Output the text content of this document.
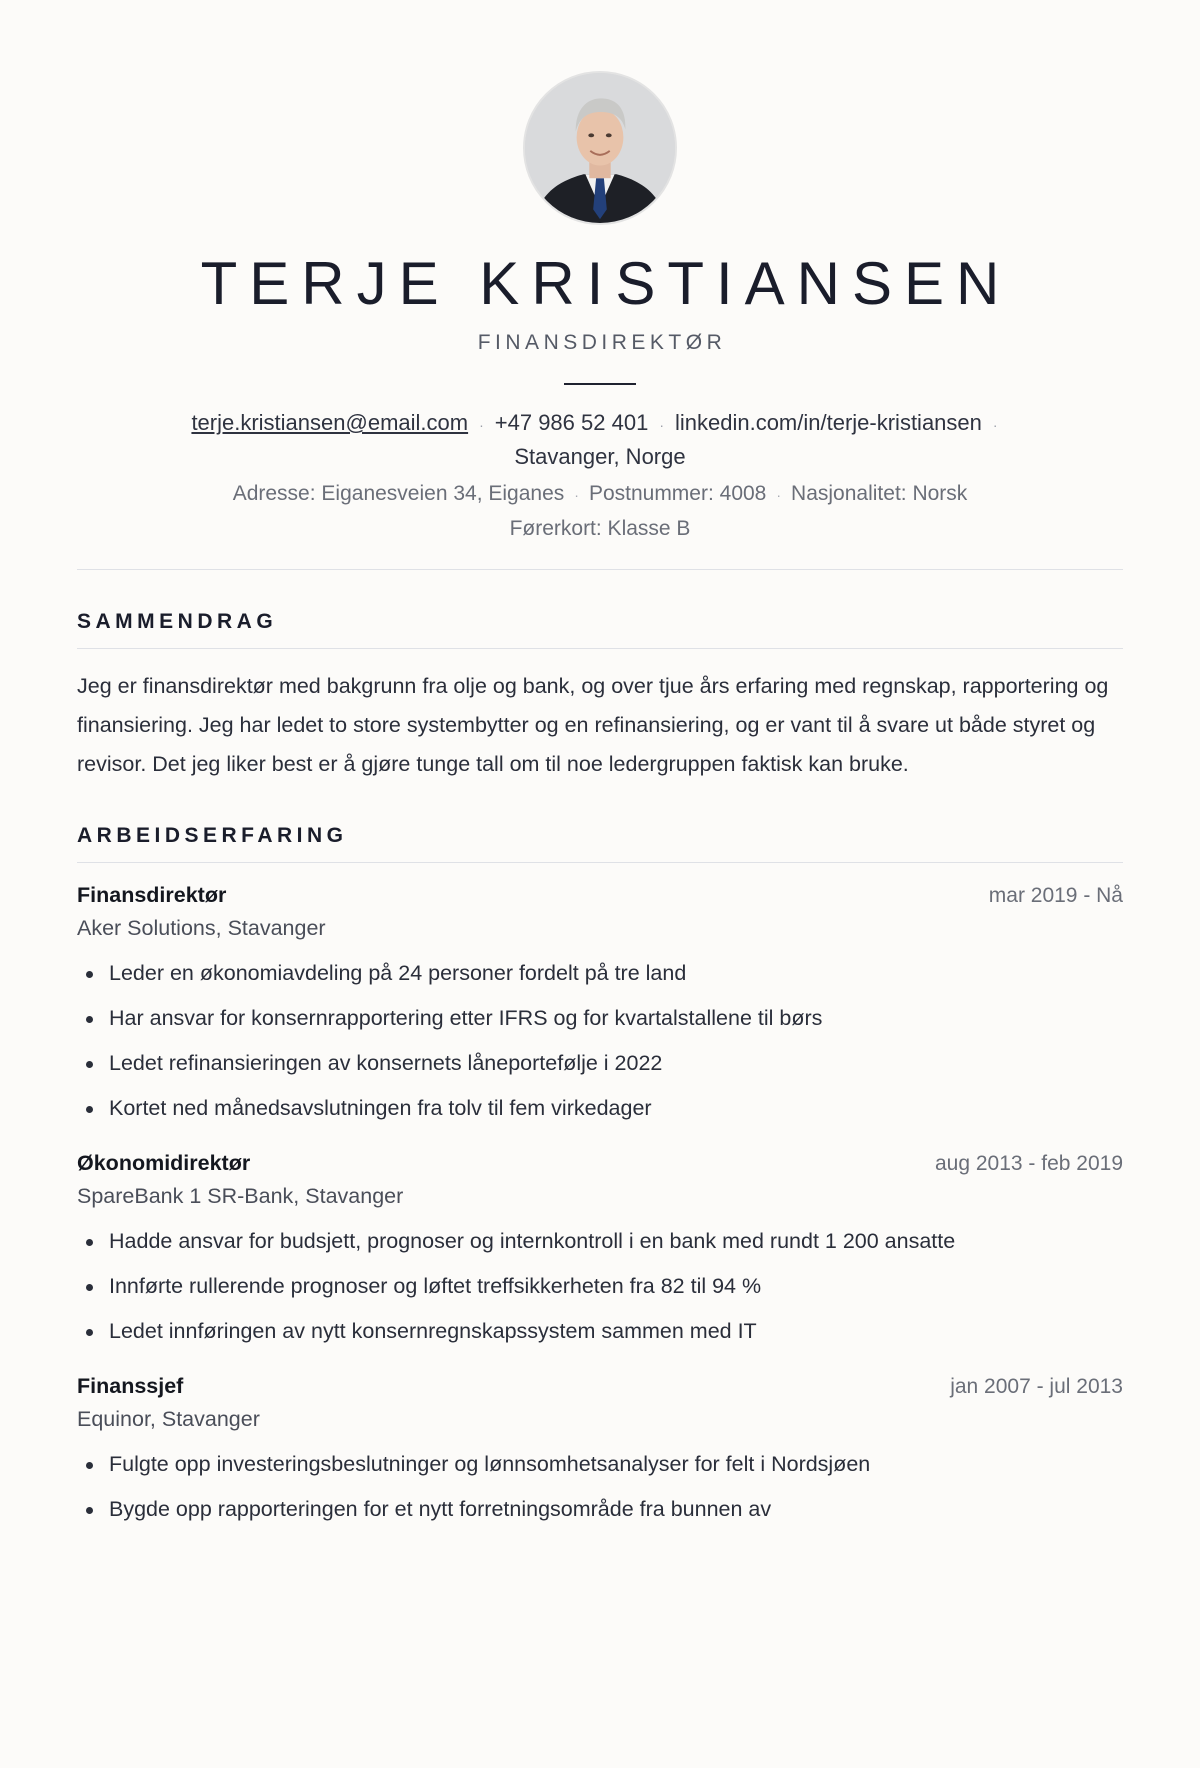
TERJE KRISTIANSEN
FINANSDIREKTØR
terje.kristiansen@email.com · +47 986 52 401 · linkedin.com/in/terje-kristiansen ·
Stavanger, Norge
Adresse: Eiganesveien 34, Eiganes · Postnummer: 4008 · Nasjonalitet: Norsk
Førerkort: Klasse B
SAMMENDRAG
Jeg er finansdirektør med bakgrunn fra olje og bank, og over tjue års erfaring med regnskap, rapportering og finansiering. Jeg har ledet to store systembytter og en refinansiering, og er vant til å svare ut både styret og revisor. Det jeg liker best er å gjøre tunge tall om til noe ledergruppen faktisk kan bruke.
ARBEIDSERFARING
Finansdirektør	mar 2019 - Nå
Aker Solutions, Stavanger
Leder en økonomiavdeling på 24 personer fordelt på tre land
Har ansvar for konsernrapportering etter IFRS og for kvartalstallene til børs
Ledet refinansieringen av konsernets låneportefølje i 2022
Kortet ned månedsavslutningen fra tolv til fem virkedager
Økonomidirektør	aug 2013 - feb 2019
SpareBank 1 SR-Bank, Stavanger
Hadde ansvar for budsjett, prognoser og internkontroll i en bank med rundt 1 200 ansatte
Innførte rullerende prognoser og løftet treffsikkerheten fra 82 til 94 %
Ledet innføringen av nytt konsernregnskapssystem sammen med IT
Finanssjef	jan 2007 - jul 2013
Equinor, Stavanger
Fulgte opp investeringsbeslutninger og lønnsomhetsanalyser for felt i Nordsjøen
Bygde opp rapporteringen for et nytt forretningsområde fra bunnen av
